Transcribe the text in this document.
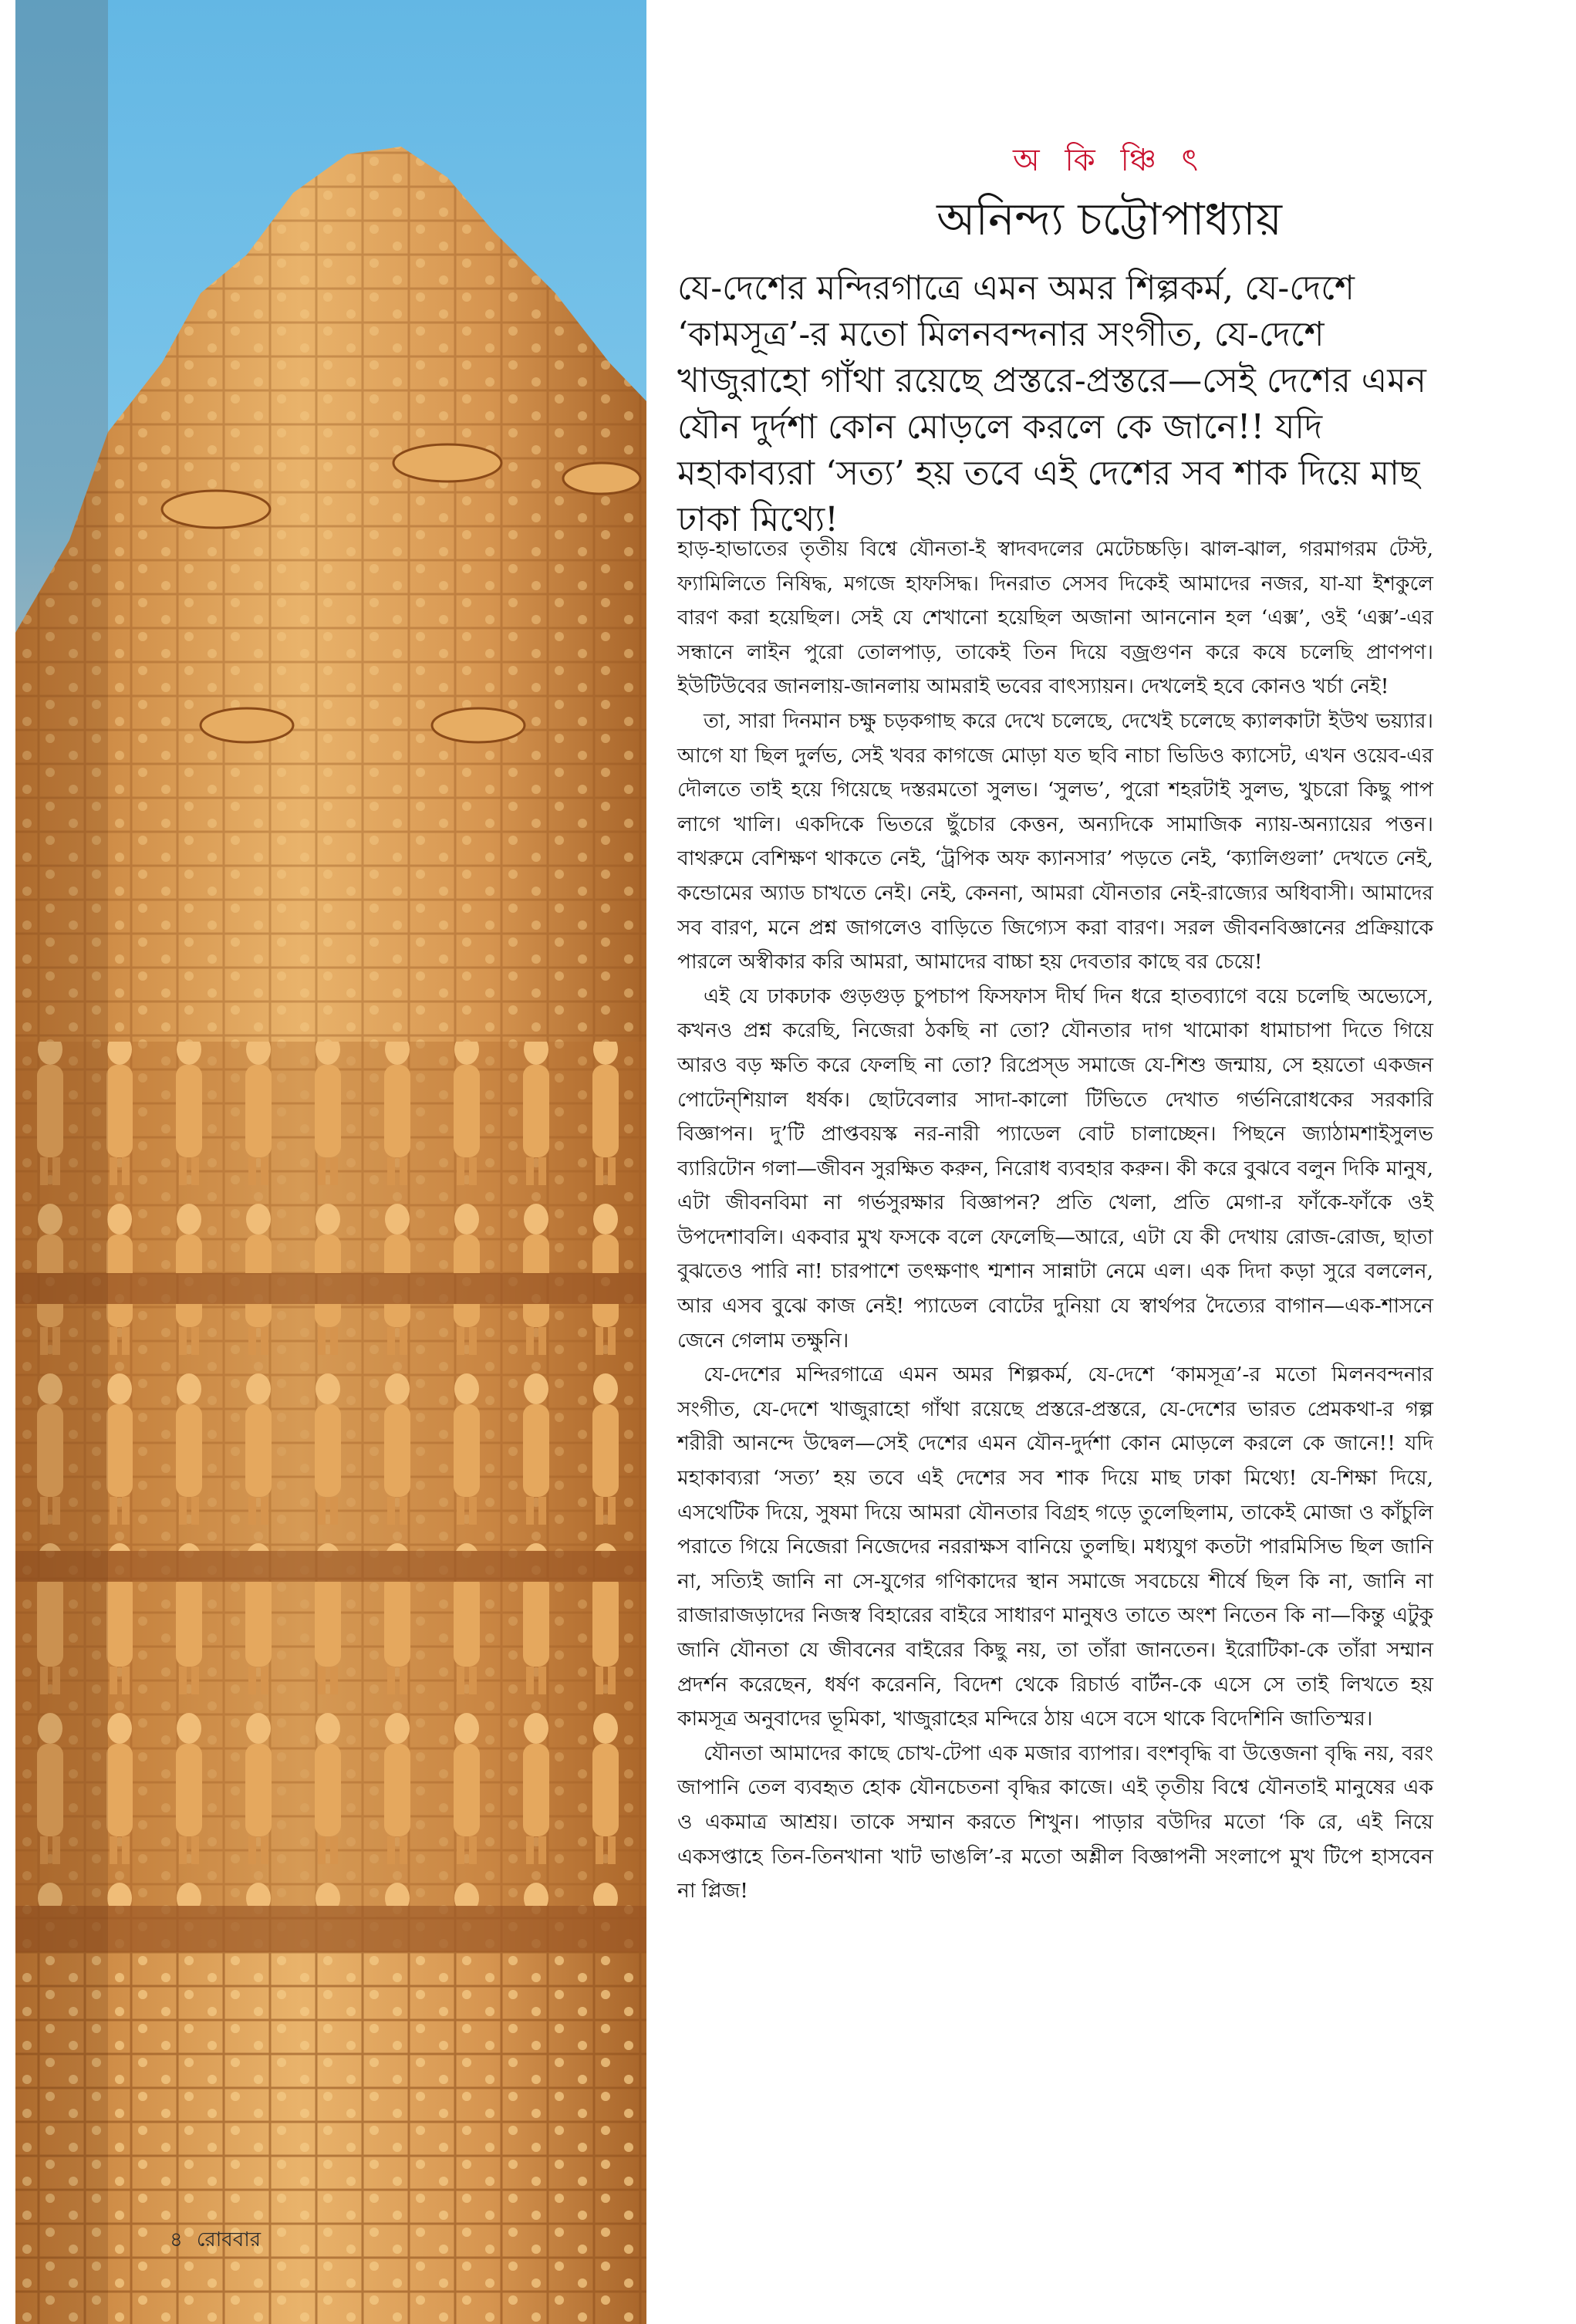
৪ রোববার
অ কি ঞ্চি ৎ
অনিন্দ্য চট্টোপাধ্যায়

যে-দেশের মন্দিরগাত্রে এমন অমর শিল্পকর্ম, যে-দেশে ‘কামসূত্র’-র মতো মিলনবন্দনার সংগীত, যে-দেশে খাজুরাহো গাঁথা রয়েছে প্রস্তরে-প্রস্তরে—সেই দেশের এমন যৌন দুর্দশা কোন মোড়লে করলে কে জানে!! যদি মহাকাব্যরা ‘সত্য’ হয় তবে এই দেশের সব শাক দিয়ে মাছ ঢাকা মিথ্যে!

হাড়-হাভাতের তৃতীয় বিশ্বে যৌনতা-ই স্বাদবদলের মেটেচচ্চড়ি। ঝাল-ঝাল, গরমাগরম টেস্ট, ফ্যামিলিতে নিষিদ্ধ, মগজে হাফসিদ্ধ। দিনরাত সেসব দিকেই আমাদের নজর, যা-যা ইশকুলে বারণ করা হয়েছিল। সেই যে শেখানো হয়েছিল অজানা আননোন হল ‘এক্স’, ওই ‘এক্স’-এর সন্ধানে লাইন পুরো তোলপাড়, তাকেই তিন দিয়ে বজ্রগুণন করে কষে চলেছি প্রাণপণ। ইউটিউবের জানলায়-জানলায় আমরাই ভবের বাৎস্যায়ন। দেখলেই হবে কোনও খর্চা নেই!

তা, সারা দিনমান চক্ষু চড়কগাছ করে দেখে চলেছে, দেখেই চলেছে ক্যালকাটা ইউথ ভয়্যার। আগে যা ছিল দুর্লভ, সেই খবর কাগজে মোড়া যত ছবি নাচা ভিডিও ক্যাসেট, এখন ওয়েব-এর দৌলতে তাই হয়ে গিয়েছে দস্তরমতো সুলভ। ‘সুলভ’, পুরো শহরটাই সুলভ, খুচরো কিছু পাপ লাগে খালি। একদিকে ভিতরে ছুঁচোর কেত্তন, অন্যদিকে সামাজিক ন্যায়-অন্যায়ের পত্তন। বাথরুমে বেশিক্ষণ থাকতে নেই, ‘ট্রপিক অফ ক্যানসার’ পড়তে নেই, ‘ক্যালিগুলা’ দেখতে নেই, কন্ডোমের অ্যাড চাখতে নেই। নেই, কেননা, আমরা যৌনতার নেই-রাজ্যের অধিবাসী। আমাদের সব বারণ, মনে প্রশ্ন জাগলেও বাড়িতে জিগ্যেস করা বারণ। সরল জীবনবিজ্ঞানের প্রক্রিয়াকে পারলে অস্বীকার করি আমরা, আমাদের বাচ্চা হয় দেবতার কাছে বর চেয়ে!

এই যে ঢাকঢাক গুড়গুড় চুপচাপ ফিসফাস দীর্ঘ দিন ধরে হাতব্যাগে বয়ে চলেছি অভ্যেসে, কখনও প্রশ্ন করেছি, নিজেরা ঠকছি না তো? যৌনতার দাগ খামোকা ধামাচাপা দিতে গিয়ে আরও বড় ক্ষতি করে ফেলছি না তো? রিপ্রেস্‌ড সমাজে যে-শিশু জন্মায়, সে হয়তো একজন পোটেন্‌শিয়াল ধর্ষক। ছোটবেলার সাদা-কালো টিভিতে দেখাত গর্ভনিরোধকের সরকারি বিজ্ঞাপন। দু’টি প্রাপ্তবয়স্ক নর-নারী প্যাডেল বোট চালাচ্ছেন। পিছনে জ্যাঠামশাইসুলভ ব্যারিটোন গলা—জীবন সুরক্ষিত করুন, নিরোধ ব্যবহার করুন। কী করে বুঝবে বলুন দিকি মানুষ, এটা জীবনবিমা না গর্ভসুরক্ষার বিজ্ঞাপন? প্রতি খেলা, প্রতি মেগা-র ফাঁকে-ফাঁকে ওই উপদেশাবলি। একবার মুখ ফসকে বলে ফেলেছি—আরে, এটা যে কী দেখায় রোজ-রোজ, ছাতা বুঝতেও পারি না! চারপাশে তৎক্ষণাৎ শ্মশান সান্নাটা নেমে এল। এক দিদা কড়া সুরে বললেন, আর এসব বুঝে কাজ নেই! প্যাডেল বোটের দুনিয়া যে স্বার্থপর দৈত্যের বাগান—এক-শাসনে জেনে গেলাম তক্ষুনি।

যে-দেশের মন্দিরগাত্রে এমন অমর শিল্পকর্ম, যে-দেশে ‘কামসূত্র’-র মতো মিলনবন্দনার সংগীত, যে-দেশে খাজুরাহো গাঁথা রয়েছে প্রস্তরে-প্রস্তরে, যে-দেশের ভারত প্রেমকথা-র গল্প শরীরী আনন্দে উদ্বেল—সেই দেশের এমন যৌন-দুর্দশা কোন মোড়লে করলে কে জানে!! যদি মহাকাব্যরা ‘সত্য’ হয় তবে এই দেশের সব শাক দিয়ে মাছ ঢাকা মিথ্যে! যে-শিক্ষা দিয়ে, এসথেটিক দিয়ে, সুষমা দিয়ে আমরা যৌনতার বিগ্রহ গড়ে তুলেছিলাম, তাকেই মোজা ও কাঁচুলি পরাতে গিয়ে নিজেরা নিজেদের নররাক্ষস বানিয়ে তুলছি। মধ্যযুগ কতটা পারমিসিভ ছিল জানি না, সত্যিই জানি না সে-যুগের গণিকাদের স্থান সমাজে সবচেয়ে শীর্ষে ছিল কি না, জানি না রাজারাজড়াদের নিজস্ব বিহারের বাইরে সাধারণ মানুষও তাতে অংশ নিতেন কি না—কিন্তু এটুকু জানি যৌনতা যে জীবনের বাইরের কিছু নয়, তা তাঁরা জানতেন। ইরোটিকা-কে তাঁরা সম্মান প্রদর্শন করেছেন, ধর্ষণ করেননি, বিদেশ থেকে রিচার্ড বার্টন-কে এসে সে তাই লিখতে হয় কামসূত্র অনুবাদের ভূমিকা, খাজুরাহের মন্দিরে ঠায় এসে বসে থাকে বিদেশিনি জাতিস্মর।

যৌনতা আমাদের কাছে চোখ-টেপা এক মজার ব্যাপার। বংশবৃদ্ধি বা উত্তেজনা বৃদ্ধি নয়, বরং জাপানি তেল ব্যবহৃত হোক যৌনচেতনা বৃদ্ধির কাজে। এই তৃতীয় বিশ্বে যৌনতাই মানুষের এক ও একমাত্র আশ্রয়। তাকে সম্মান করতে শিখুন। পাড়ার বউদির মতো ‘কি রে, এই নিয়ে একসপ্তাহে তিন-তিনখানা খাট ভাঙলি’-র মতো অশ্লীল বিজ্ঞাপনী সংলাপে মুখ টিপে হাসবেন না প্লিজ!
